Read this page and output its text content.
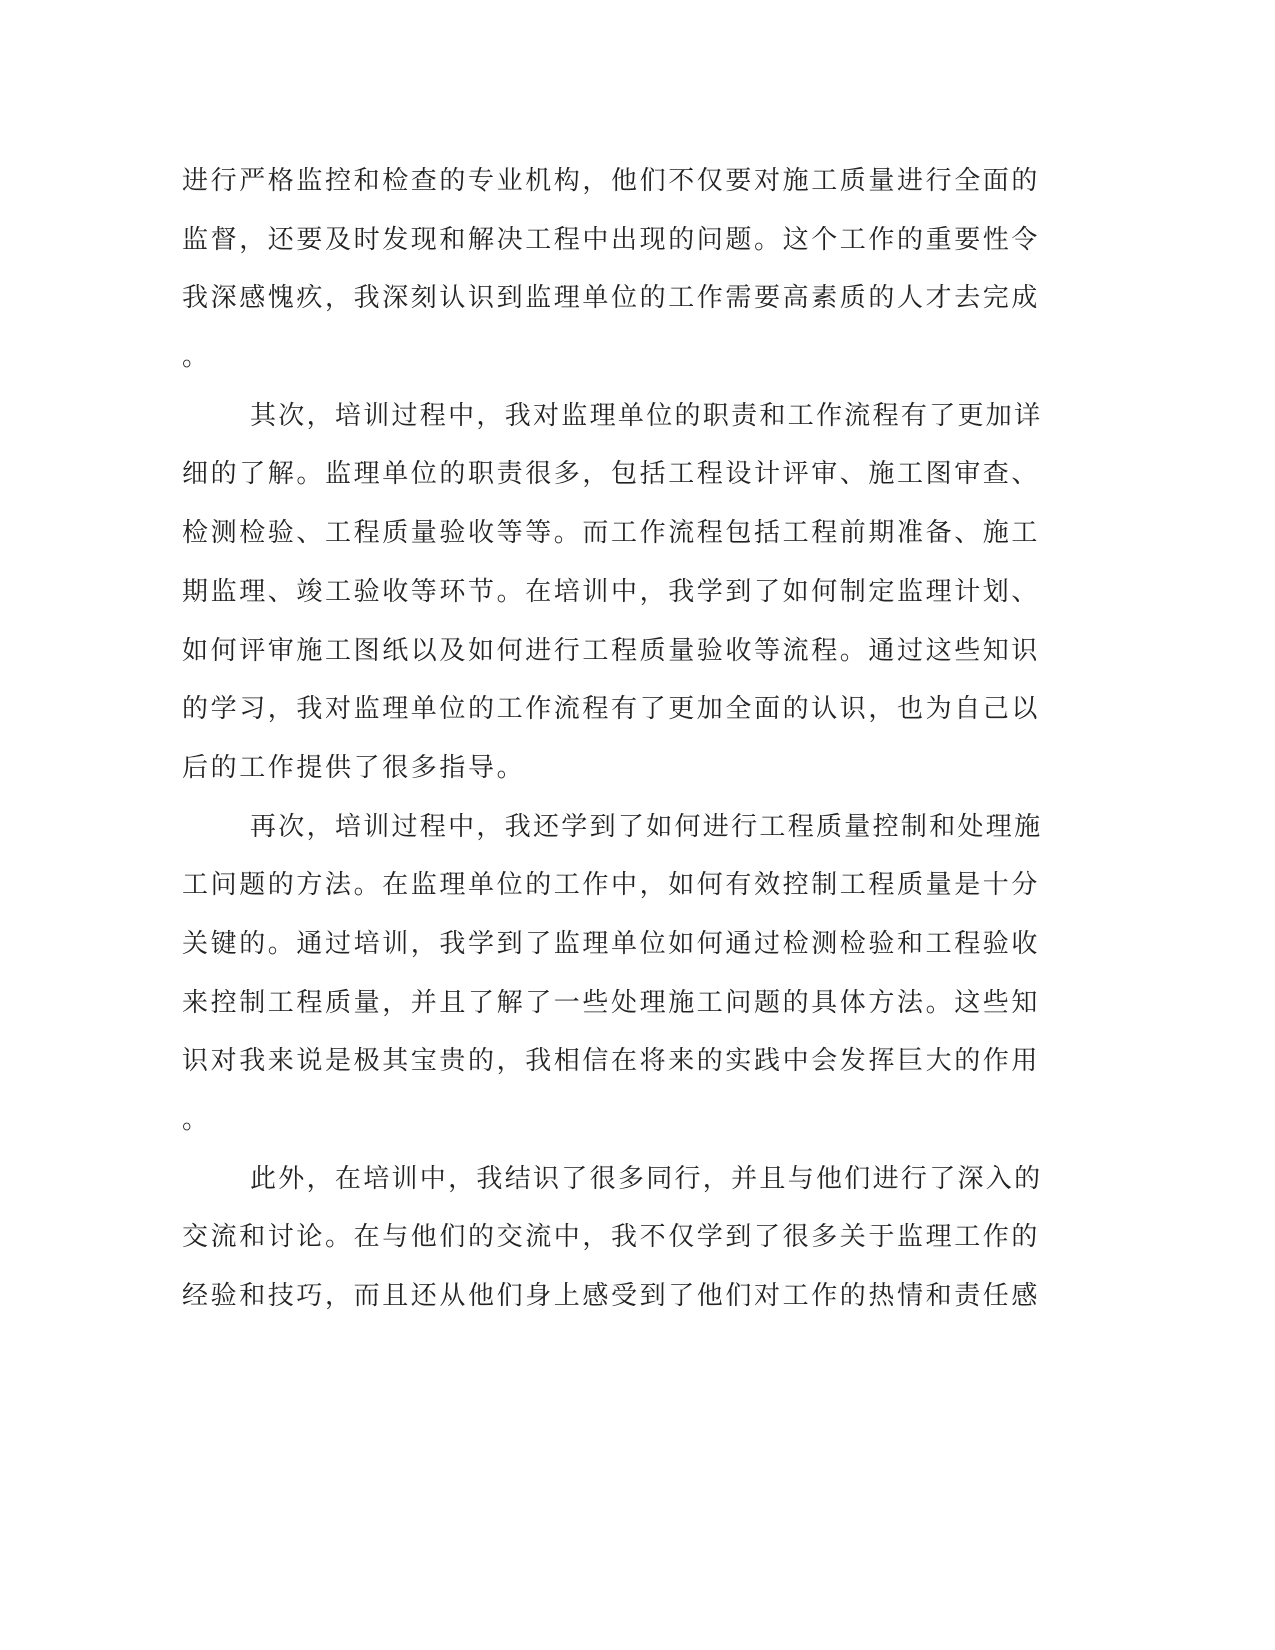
进行严格监控和检查的专业机构，他们不仅要对施工质量进行全面的
监督，还要及时发现和解决工程中出现的问题。这个工作的重要性令
我深感愧疚，我深刻认识到监理单位的工作需要高素质的人才去完成
。
其次，培训过程中，我对监理单位的职责和工作流程有了更加详
细的了解。监理单位的职责很多，包括工程设计评审、施工图审查、
检测检验、工程质量验收等等。而工作流程包括工程前期准备、施工
期监理、竣工验收等环节。在培训中，我学到了如何制定监理计划、
如何评审施工图纸以及如何进行工程质量验收等流程。通过这些知识
的学习，我对监理单位的工作流程有了更加全面的认识，也为自己以
后的工作提供了很多指导。
再次，培训过程中，我还学到了如何进行工程质量控制和处理施
工问题的方法。在监理单位的工作中，如何有效控制工程质量是十分
关键的。通过培训，我学到了监理单位如何通过检测检验和工程验收
来控制工程质量，并且了解了一些处理施工问题的具体方法。这些知
识对我来说是极其宝贵的，我相信在将来的实践中会发挥巨大的作用
。
此外，在培训中，我结识了很多同行，并且与他们进行了深入的
交流和讨论。在与他们的交流中，我不仅学到了很多关于监理工作的
经验和技巧，而且还从他们身上感受到了他们对工作的热情和责任感
